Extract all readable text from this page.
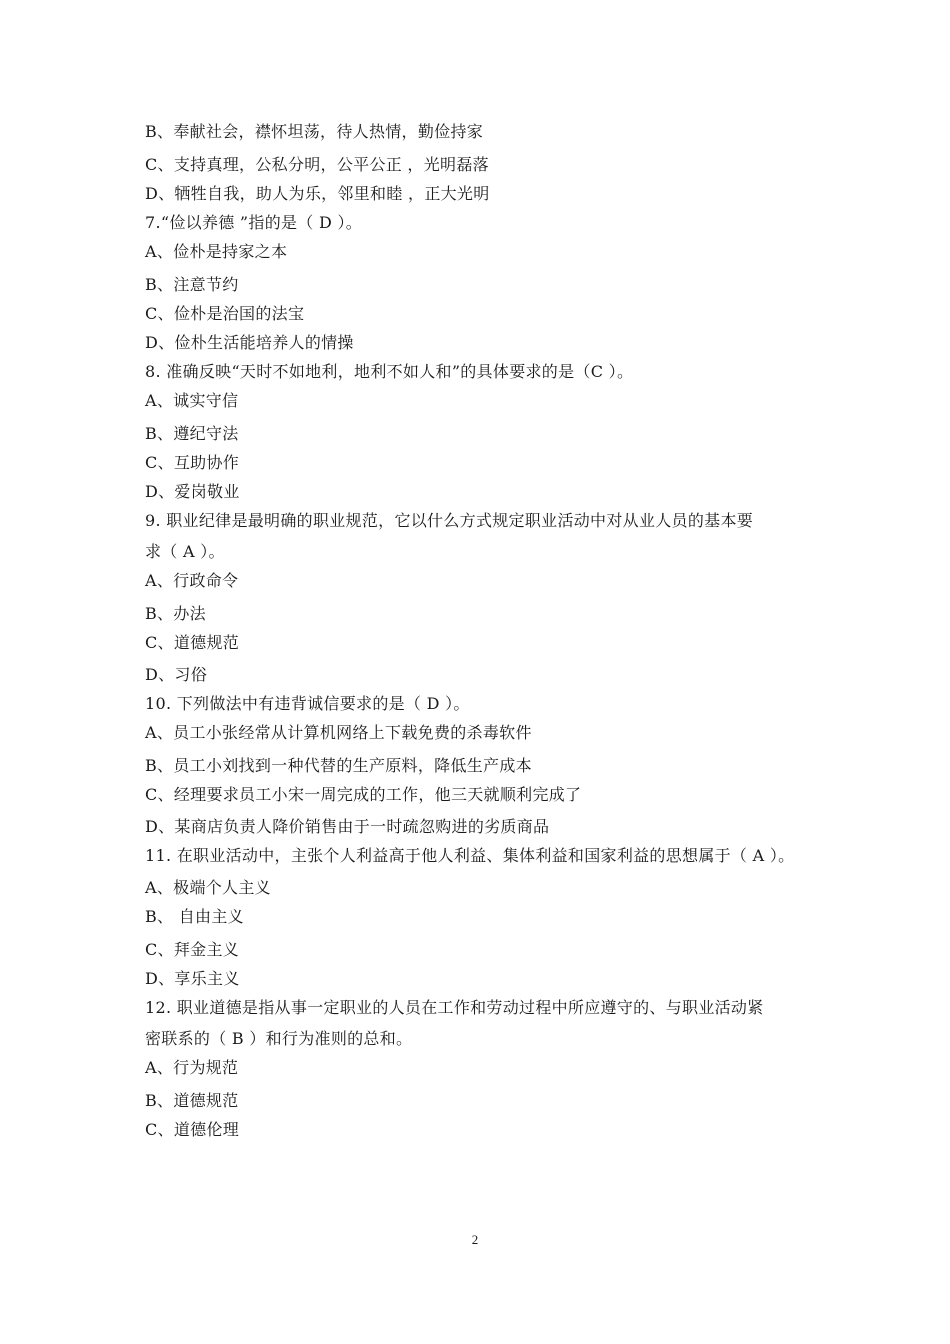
B、奉献社会，襟怀坦荡，待人热情，勤俭持家
C、支持真理，公私分明，公平公正 ，光明磊落
D、牺牲自我，助人为乐，邻里和睦 ，正大光明
7.“俭以养德 ”指的是（ D ）。
A、俭朴是持家之本
B、注意节约
C、俭朴是治国的法宝
D、俭朴生活能培养人的情操
8. 准确反映“天时不如地利，地利不如人和”的具体要求的是（C ）。
A、诚实守信
B、遵纪守法
C、互助协作
D、爱岗敬业
9. 职业纪律是最明确的职业规范，它以什么方式规定职业活动中对从业人员的基本要
求（ A ）。
A、行政命令
B、办法
C、道德规范
D、习俗
10. 下列做法中有违背诚信要求的是（ D ）。
A、员工小张经常从计算机网络上下载免费的杀毒软件
B、员工小刘找到一种代替的生产原料，降低生产成本
C、经理要求员工小宋一周完成的工作，他三天就顺利完成了
D、某商店负责人降价销售由于一时疏忽购进的劣质商品
11. 在职业活动中，主张个人利益高于他人利益、集体利益和国家利益的思想属于（ A ）。
A、极端个人主义
B、 自由主义
C、拜金主义
D、享乐主义
12. 职业道德是指从事一定职业的人员在工作和劳动过程中所应遵守的、与职业活动紧
密联系的（ B ）和行为准则的总和。
A、行为规范
B、道德规范
C、道德伦理
2
